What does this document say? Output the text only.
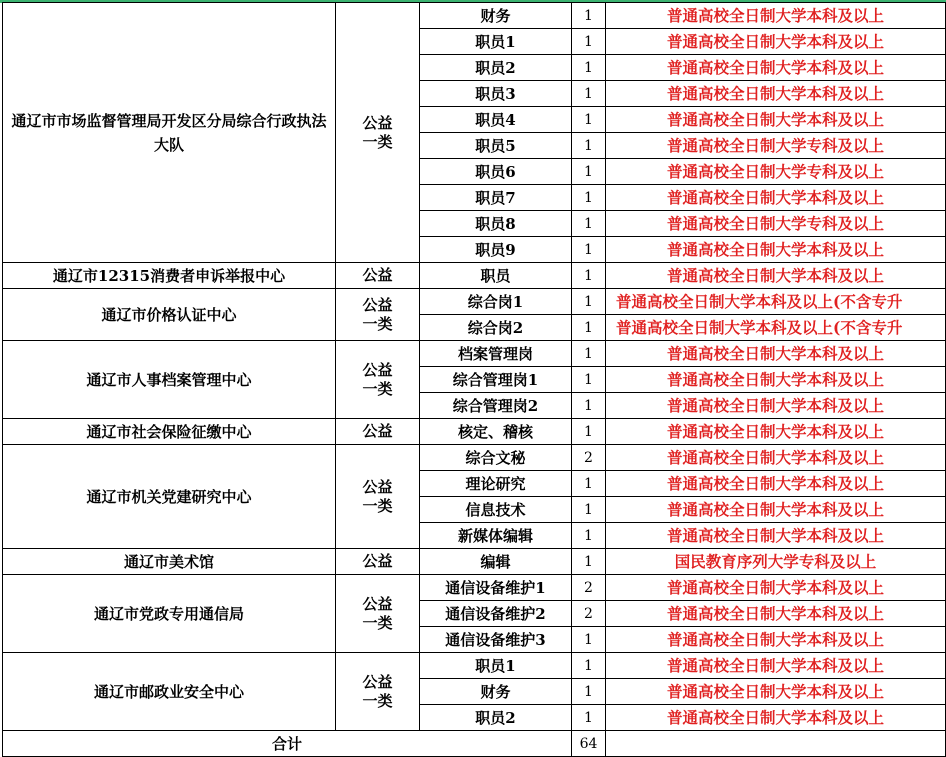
通辽市市场监督管理局开发区分局综合行政执法大队	公益一类	财务	1	普通高校全日制大学本科及以上
		职员1	1	普通高校全日制大学本科及以上
		职员2	1	普通高校全日制大学本科及以上
		职员3	1	普通高校全日制大学本科及以上
		职员4	1	普通高校全日制大学本科及以上
		职员5	1	普通高校全日制大学专科及以上
		职员6	1	普通高校全日制大学专科及以上
		职员7	1	普通高校全日制大学本科及以上
		职员8	1	普通高校全日制大学专科及以上
		职员9	1	普通高校全日制大学本科及以上
通辽市12315消费者申诉举报中心	公益	职员	1	普通高校全日制大学本科及以上
通辽市价格认证中心	公益一类	综合岗1	1	普通高校全日制大学本科及以上(不含专升
		综合岗2	1	普通高校全日制大学本科及以上(不含专升
通辽市人事档案管理中心	公益一类	档案管理岗	1	普通高校全日制大学本科及以上
		综合管理岗1	1	普通高校全日制大学本科及以上
		综合管理岗2	1	普通高校全日制大学本科及以上
通辽市社会保险征缴中心	公益	核定、稽核	1	普通高校全日制大学本科及以上
通辽市机关党建研究中心	公益一类	综合文秘	2	普通高校全日制大学本科及以上
		理论研究	1	普通高校全日制大学本科及以上
		信息技术	1	普通高校全日制大学本科及以上
		新媒体编辑	1	普通高校全日制大学本科及以上
通辽市美术馆	公益	编辑	1	国民教育序列大学专科及以上
通辽市党政专用通信局	公益一类	通信设备维护1	2	普通高校全日制大学本科及以上
		通信设备维护2	2	普通高校全日制大学本科及以上
		通信设备维护3	1	普通高校全日制大学本科及以上
通辽市邮政业安全中心	公益一类	职员1	1	普通高校全日制大学本科及以上
		财务	1	普通高校全日制大学本科及以上
		职员2	1	普通高校全日制大学本科及以上
合计			64	
